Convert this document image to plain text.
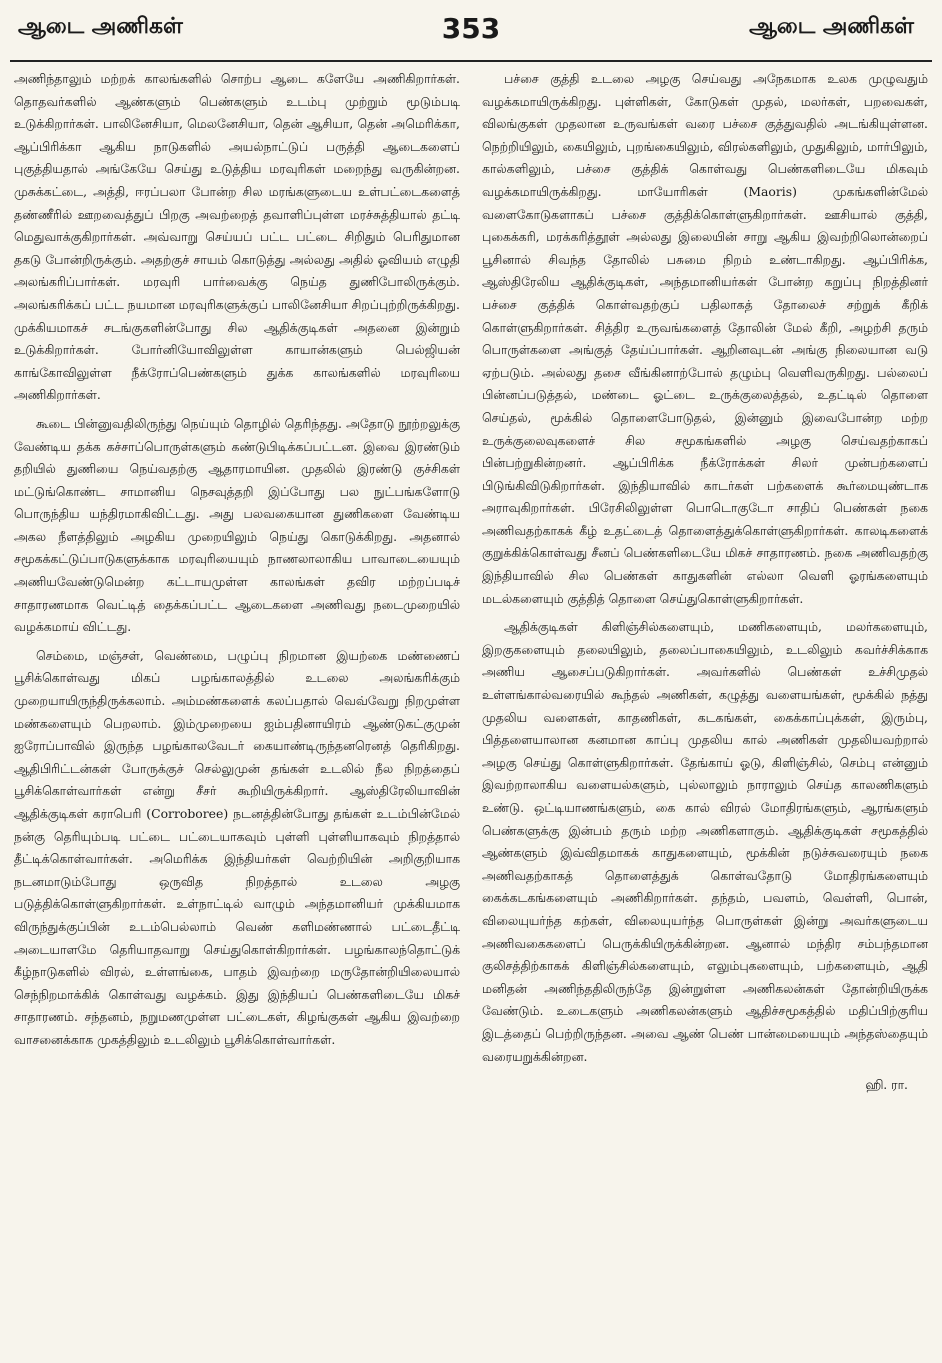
ஆடை அணிகள்	353	ஆடை அணிகள்

அணிந்தாலும் மற்றக் காலங்களில் சொற்ப ஆடை களேயே அணிகிறார்கள். தொதவர்களில் ஆண்களும் பெண்களும் உடம்பு முற்றும் மூடும்படி உடுக்கிறார்கள். பாலினேசியா, மெலனேசியா, தென் ஆசியா, தென் அமெரிக்கா, ஆப்பிரிக்கா ஆகிய நாடுகளில் அயல்நாட்டுப் பருத்தி ஆடைகளைப் புகுத்தியதால் அங்கேயே செய்து உடுத்திய மரவுரிகள் மறைந்து வருகின்றன. முசுக்கட்டை, அத்தி, ஈரப்பலா போன்ற சில மரங்களுடைய உள்பட்டைகளைத் தண்ணீரில் ஊறவைத்துப் பிறகு அவற்றைத் தவாளிப்புள்ள மரச்சுத்தியால் தட்டி மெதுவாக்குகிறார்கள். அவ்வாறு செய்யப் பட்ட பட்டை சிறிதும் பெரிதுமான தகடு போன்றிருக்கும். அதற்குச் சாயம் கொடுத்து அல்லது அதில் ஓவியம் எழுதி அலங்கரிப்பார்கள். மரவுரி பார்வைக்கு நெய்த துணிபோலிருக்கும். அலங்கரிக்கப் பட்ட நயமான மரவுரிகளுக்குப் பாலினேசியா சிறப்புற்றிருக்கிறது. முக்கியமாகச் சடங்குகளின்போது சில ஆதிக்குடிகள் அதனை இன்றும் உடுக்கிறார்கள். போர்னியோவிலுள்ள காயான்களும் பெல்ஜியன் காங்கோவிலுள்ள நீக்ரோப்பெண்களும் துக்க காலங்களில் மரவுரியை அணிகிறார்கள்.

கூடை பின்னுவதிலிருந்து நெய்யும் தொழில் தெரிந்தது. அதோடு நூற்றலுக்கு வேண்டிய தக்க கச்சாப்பொருள்களும் கண்டுபிடிக்கப்பட்டன. இவை இரண்டும் தறியில் துணியை நெய்வதற்கு ஆதாரமாயின. முதலில் இரண்டு குச்சிகள் மட்டுங்கொண்ட சாமானிய நெசவுத்தறி இப்போது பல நுட்பங்களோடு பொருந்திய யந்திரமாகிவிட்டது. அது பலவகையான துணிகளை வேண்டிய அகல நீளத்திலும் அழகிய முறையிலும் நெய்து கொடுக்கிறது. அதனால் சமூகக்கட்டுப்பாடுகளுக்காக மரவுரியையும் நாணலாலாகிய பாவாடையையும் அணியவேண்டுமென்ற கட்டாயமுள்ள காலங்கள் தவிர மற்றப்படிச் சாதாரணமாக வெட்டித் தைக்கப்பட்ட ஆடைகளை அணிவது நடைமுறையில் வழக்கமாய் விட்டது.

செம்மை, மஞ்சள், வெண்மை, பழுப்பு நிறமான இயற்கை மண்ணைப் பூசிக்கொள்வது மிகப் பழங்காலத்தில் உடலை அலங்கரிக்கும் முறையாயிருந்திருக்கலாம். அம்மண்களைக் கலப்பதால் வெவ்வேறு நிறமுள்ள மண்களையும் பெறலாம். இம்முறையை ஐம்பதினாயிரம் ஆண்டுகட்குமுன் ஐரோப்பாவில் இருந்த பழங்காலவேடர் கையாண்டிருந்தனரெனத் தெரிகிறது. ஆதிபிரிட்டன்கள் போருக்குச் செல்லுமுன் தங்கள் உடலில் நீல நிறத்தைப் பூசிக்கொள்வார்கள் என்று சீசர் கூறியிருக்கிறார். ஆஸ்திரேலியாவின் ஆதிக்குடிகள் கராபெரி (Corroboree) நடனத்தின்போது தங்கள் உடம்பின்மேல் நன்கு தெரியும்படி பட்டை பட்டையாகவும் புள்ளி புள்ளியாகவும் நிறத்தால் தீட்டிக்கொள்வார்கள். அமெரிக்க இந்தியர்கள் வெற்றியின் அறிகுறியாக நடனமாடும்போது ஒருவித நிறத்தால் உடலை அழகு படுத்திக்கொள்ளுகிறார்கள். உள்நாட்டில் வாழும் அந்தமானியர் முக்கியமாக விருந்துக்குப்பின் உடம்பெல்லாம் வெண் களிமண்ணால் பட்டைதீட்டி அடையாளமே தெரியாதவாறு செய்துகொள்கிறார்கள். பழங்காலந்தொட்டுக் கீழ்நாடுகளில் விரல், உள்ளங்கை, பாதம் இவற்றை மருதோன்றியிலையால் செந்நிறமாக்கிக் கொள்வது வழக்கம். இது இந்தியப் பெண்களிடையே மிகச் சாதாரணம். சந்தனம், நறுமணமுள்ள பட்டைகள், கிழங்குகள் ஆகிய இவற்றை வாசனைக்காக முகத்திலும் உடலிலும் பூசிக்கொள்வார்கள்.

பச்சை குத்தி உடலை அழகு செய்வது அநேகமாக உலக முழுவதும் வழக்கமாயிருக்கிறது. புள்ளிகள், கோடுகள் முதல், மலர்கள், பறவைகள், விலங்குகள் முதலான உருவங்கள் வரை பச்சை குத்துவதில் அடங்கியுள்ளன. நெற்றியிலும், கையிலும், புறங்கையிலும், விரல்களிலும், முதுகிலும், மார்பிலும், கால்களிலும், பச்சை குத்திக் கொள்வது பெண்களிடையே மிகவும் வழக்கமாயிருக்கிறது. மாயோரிகள் (Maoris) முகங்களின்மேல் வளைகோடுகளாகப் பச்சை குத்திக்கொள்ளுகிறார்கள். ஊசியால் குத்தி, புகைக்கரி, மரக்கரித்தூள் அல்லது இலையின் சாறு ஆகிய இவற்றிலொன்றைப் பூசினால் சிவந்த தோலில் பசுமை நிறம் உண்டாகிறது. ஆப்பிரிக்க, ஆஸ்திரேலிய ஆதிக்குடிகள், அந்தமானியர்கள் போன்ற கறுப்பு நிறத்தினர் பச்சை குத்திக் கொள்வதற்குப் பதிலாகத் தோலைச் சற்றுக் கீறிக் கொள்ளுகிறார்கள். சித்திர உருவங்களைத் தோலின் மேல் கீறி, அழற்சி தரும் பொருள்களை அங்குத் தேய்ப்பார்கள். ஆறினவுடன் அங்கு நிலையான வடு ஏற்படும். அல்லது தசை வீங்கினாற்போல் தழும்பு வெளிவருகிறது. பல்லைப் பின்னப்படுத்தல், மண்டை ஓட்டை உருக்குலைத்தல், உதட்டில் தொளை செய்தல், மூக்கில் தொளைபோடுதல், இன்னும் இவைபோன்ற மற்ற உருக்குலைவுகளைச் சில சமூகங்களில் அழகு செய்வதற்காகப் பின்பற்றுகின்றனர். ஆப்பிரிக்க நீக்ரோக்கள் சிலர் முன்பற்களைப் பிடுங்கிவிடுகிறார்கள். இந்தியாவில் காடர்கள் பற்களைக் கூர்மையுண்டாக அராவுகிறார்கள். பிரேசிலிலுள்ள பொடொகுடோ சாதிப் பெண்கள் நகை அணிவதற்காகக் கீழ் உதட்டைத் தொளைத்துக்கொள்ளுகிறார்கள். காலடிகளைக் குறுக்கிக்கொள்வது சீனப் பெண்களிடையே மிகச் சாதாரணம். நகை அணிவதற்கு இந்தியாவில் சில பெண்கள் காதுகளின் எல்லா வெளி ஓரங்களையும் மடல்களையும் குத்தித் தொளை செய்துகொள்ளுகிறார்கள்.

ஆதிக்குடிகள் கிளிஞ்சில்களையும், மணிகளையும், மலர்களையும், இறகுகளையும் தலையிலும், தலைப்பாகையிலும், உடலிலும் கவர்ச்சிக்காக அணிய ஆசைப்படுகிறார்கள். அவர்களில் பெண்கள் உச்சிமுதல் உள்ளங்கால்வரையில் கூந்தல் அணிகள், கழுத்து வளையங்கள், மூக்கில் நத்து முதலிய வளைகள், காதணிகள், கடகங்கள், கைக்காப்புக்கள், இரும்பு, பித்தளையாலான கனமான காப்பு முதலிய கால் அணிகள் முதலியவற்றால் அழகு செய்து கொள்ளுகிறார்கள். தேங்காய் ஓடு, கிளிஞ்சில், செம்பு என்னும் இவற்றாலாகிய வளையல்களும், புல்லாலும் நாராலும் செய்த காலணிகளும் உண்டு. ஒட்டியாணங்களும், கை கால் விரல் மோதிரங்களும், ஆரங்களும் பெண்களுக்கு இன்பம் தரும் மற்ற அணிகளாகும். ஆதிக்குடிகள் சமூகத்தில் ஆண்களும் இவ்விதமாகக் காதுகளையும், மூக்கின் நடுச்சுவரையும் நகை அணிவதற்காகத் தொளைத்துக் கொள்வதோடு மோதிரங்களையும் கைக்கடகங்களையும் அணிகிறார்கள். தந்தம், பவளம், வெள்ளி, பொன், விலையுயர்ந்த கற்கள், விலையுயர்ந்த பொருள்கள் இன்று அவர்களுடைய அணிவகைகளைப் பெருக்கியிருக்கின்றன. ஆனால் மந்திர சம்பந்தமான குலிசத்திற்காகக் கிளிஞ்சில்களையும், எலும்புகளையும், பற்களையும், ஆதி மனிதன் அணிந்ததிலிருந்தே இன்றுள்ள அணிகலன்கள் தோன்றியிருக்க வேண்டும். உடைகளும் அணிகலன்களும் ஆதிச்சமூகத்தில் மதிப்பிற்குரிய இடத்தைப் பெற்றிருந்தன. அவை ஆண் பெண் பான்மையையும் அந்தஸ்தையும் வரையறுக்கின்றன.

ஹி. ரா.
